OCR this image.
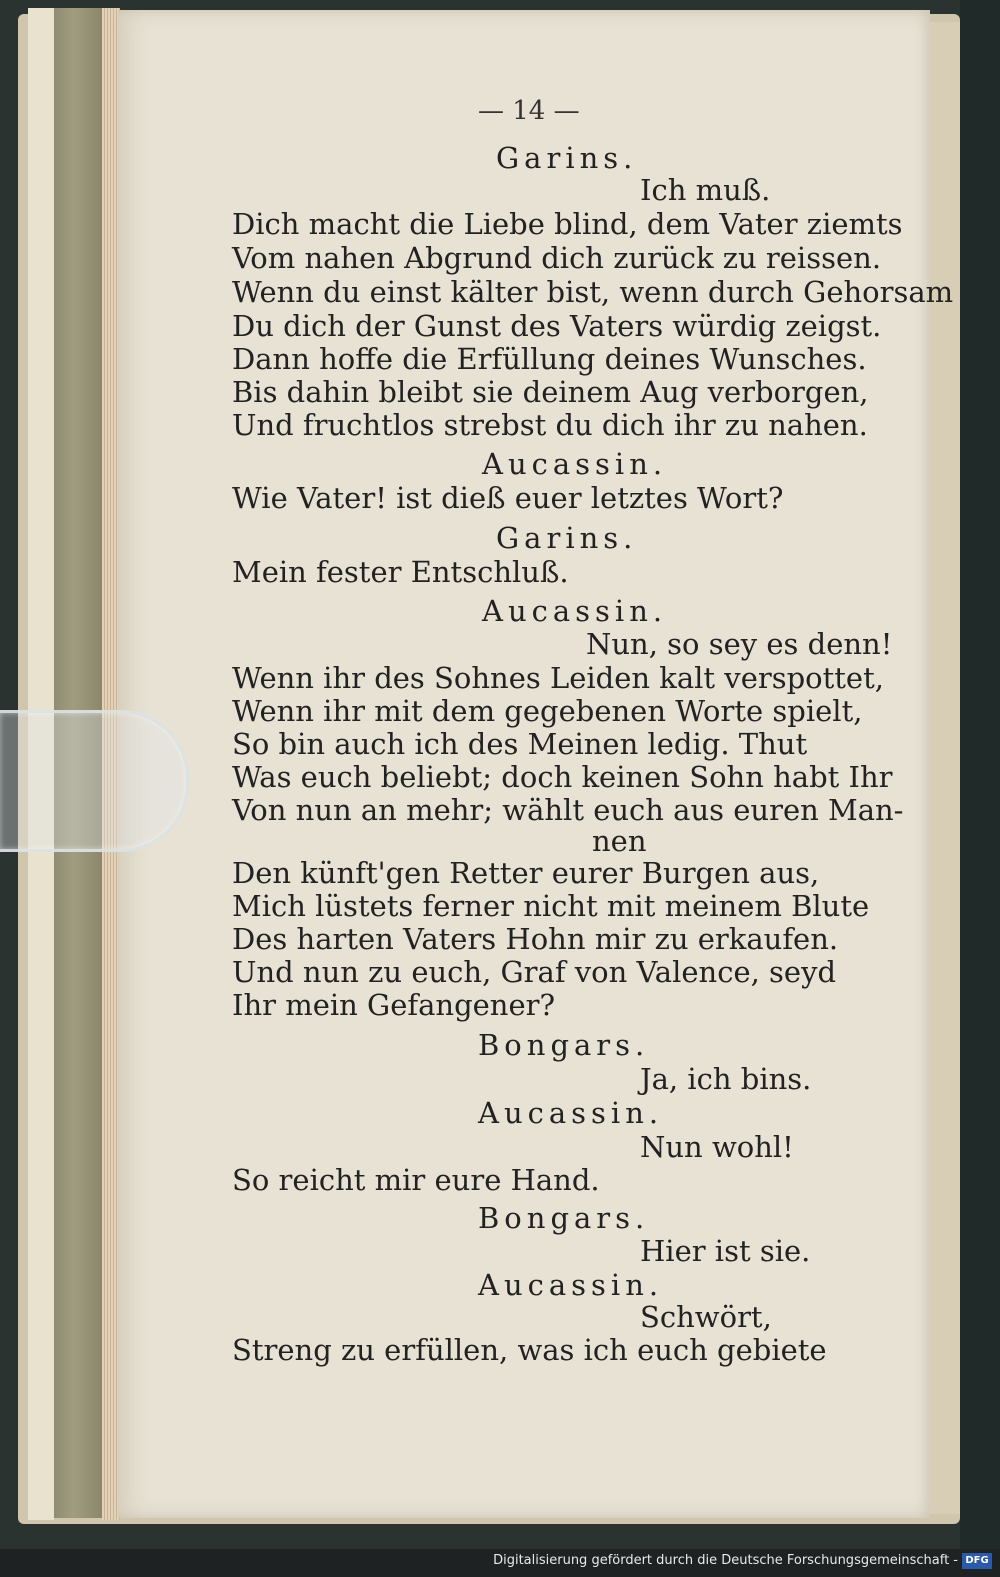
— 14 —
Garins.
Ich muß.
Dich macht die Liebe blind, dem Vater ziemts
Vom nahen Abgrund dich zurück zu reissen.
Wenn du einst kälter bist, wenn durch Gehorsam
Du dich der Gunst des Vaters würdig zeigst.
Dann hoffe die Erfüllung deines Wunsches.
Bis dahin bleibt sie deinem Aug verborgen,
Und fruchtlos strebst du dich ihr zu nahen.
Aucassin.
Wie Vater! ist dieß euer letztes Wort?
Garins.
Mein fester Entschluß.
Aucassin.
Nun, so sey es denn!
Wenn ihr des Sohnes Leiden kalt verspottet,
Wenn ihr mit dem gegebenen Worte spielt,
So bin auch ich des Meinen ledig. Thut
Was euch beliebt; doch keinen Sohn habt Ihr
Von nun an mehr; wählt euch aus euren Man-
nen
Den künft'gen Retter eurer Burgen aus,
Mich lüstets ferner nicht mit meinem Blute
Des harten Vaters Hohn mir zu erkaufen.
Und nun zu euch, Graf von Valence, seyd
Ihr mein Gefangener?
Bongars.
Ja, ich bins.
Aucassin.
Nun wohl!
So reicht mir eure Hand.
Bongars.
Hier ist sie.
Aucassin.
Schwört,
Streng zu erfüllen, was ich euch gebiete
Digitalisierung gefördert durch die Deutsche Forschungsgemeinschaft - DFG
